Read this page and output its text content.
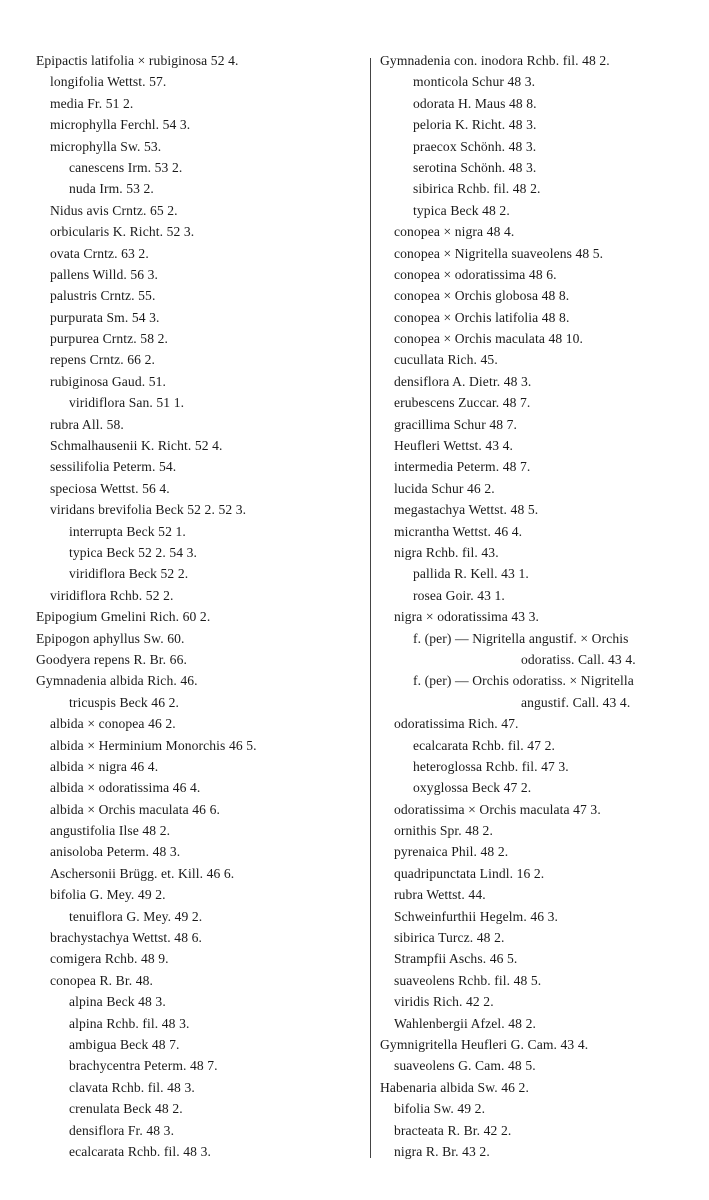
Epipactis latifolia × rubiginosa 52 4.
longifolia Wettst. 57.
media Fr. 51 2.
microphylla Ferchl. 54 3.
microphylla Sw. 53.
canescens Irm. 53 2.
nuda Irm. 53 2.
Nidus avis Crntz. 65 2.
orbicularis K. Richt. 52 3.
ovata Crntz. 63 2.
pallens Willd. 56 3.
palustris Crntz. 55.
purpurata Sm. 54 3.
purpurea Crntz. 58 2.
repens Crntz. 66 2.
rubiginosa Gaud. 51.
viridiflora San. 51 1.
rubra All. 58.
Schmalhausenii K. Richt. 52 4.
sessilifolia Peterm. 54.
speciosa Wettst. 56 4.
viridans brevifolia Beck 52 2. 52 3.
interrupta Beck 52 1.
typica Beck 52 2. 54 3.
viridiflora Beck 52 2.
viridiflora Rchb. 52 2.
Epipogium Gmelini Rich. 60 2.
Epipogon aphyllus Sw. 60.
Goodyera repens R. Br. 66.
Gymnadenia albida Rich. 46.
tricuspis Beck 46 2.
albida × conopea 46 2.
albida × Herminium Monorchis 46 5.
albida × nigra 46 4.
albida × odoratissima 46 4.
albida × Orchis maculata 46 6.
angustifolia Ilse 48 2.
anisoloba Peterm. 48 3.
Aschersonii Brügg. et. Kill. 46 6.
bifolia G. Mey. 49 2.
tenuiflora G. Mey. 49 2.
brachystachya Wettst. 48 6.
comigera Rchb. 48 9.
conopea R. Br. 48.
alpina Beck 48 3.
alpina Rchb. fil. 48 3.
ambigua Beck 48 7.
brachycentra Peterm. 48 7.
clavata Rchb. fil. 48 3.
crenulata Beck 48 2.
densiflora Fr. 48 3.
ecalcarata Rchb. fil. 48 3.
Gymnadenia con. inodora Rchb. fil. 48 2.
monticola Schur 48 3.
odorata H. Maus 48 8.
peloria K. Richt. 48 3.
praecox Schönh. 48 3.
serotina Schönh. 48 3.
sibirica Rchb. fil. 48 2.
typica Beck 48 2.
conopea × nigra 48 4.
conopea × Nigritella suaveolens 48 5.
conopea × odoratissima 48 6.
conopea × Orchis globosa 48 8.
conopea × Orchis latifolia 48 8.
conopea × Orchis maculata 48 10.
cucullata Rich. 45.
densiflora A. Dietr. 48 3.
erubescens Zuccar. 48 7.
gracillima Schur 48 7.
Heufleri Wettst. 43 4.
intermedia Peterm. 48 7.
lucida Schur 46 2.
megastachya Wettst. 48 5.
micrantha Wettst. 46 4.
nigra Rchb. fil. 43.
pallida R. Kell. 43 1.
rosea Goir. 43 1.
nigra × odoratissima 43 3.
f. (per) — Nigritella angustif. × Orchis
odoratiss. Call. 43 4.
f. (per) — Orchis odoratiss. × Nigritella
angustif. Call. 43 4.
odoratissima Rich. 47.
ecalcarata Rchb. fil. 47 2.
heteroglossa Rchb. fil. 47 3.
oxyglossa Beck 47 2.
odoratissima × Orchis maculata 47 3.
ornithis Spr. 48 2.
pyrenaica Phil. 48 2.
quadripunctata Lindl. 16 2.
rubra Wettst. 44.
Schweinfurthii Hegelm. 46 3.
sibirica Turcz. 48 2.
Strampfii Aschs. 46 5.
suaveolens Rchb. fil. 48 5.
viridis Rich. 42 2.
Wahlenbergii Afzel. 48 2.
Gymnigritella Heufleri G. Cam. 43 4.
suaveolens G. Cam. 48 5.
Habenaria albida Sw. 46 2.
bifolia Sw. 49 2.
bracteata R. Br. 42 2.
nigra R. Br. 43 2.
